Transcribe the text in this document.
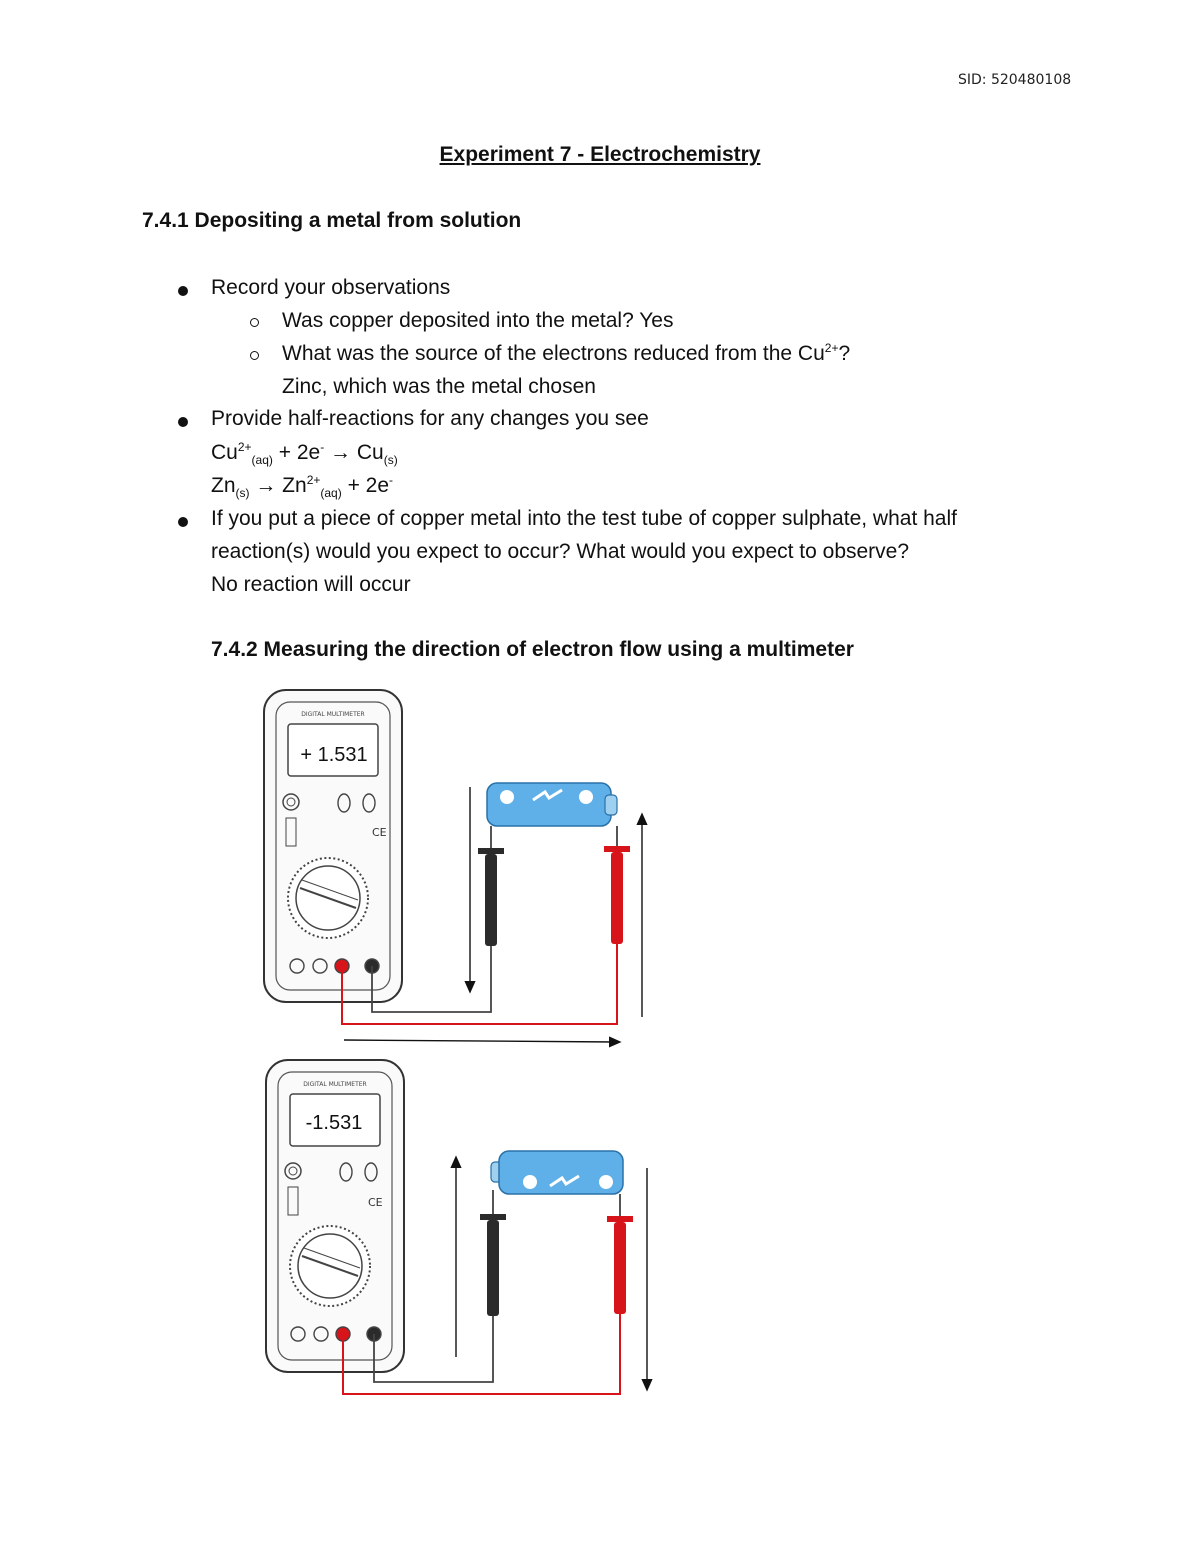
SID: 520480108
Experiment 7 - Electrochemistry
7.4.1 Depositing a metal from solution
Record your observations
Was copper deposited into the metal? Yes
What was the source of the electrons reduced from the $Cu^{2+}$?
Zinc, which was the metal chosen
Provide half-reactions for any changes you see
$Cu^{2+}_{(aq)} + 2e^- \to Cu_{(s)}$
$Zn_{(s)} \to Zn^{2+}_{(aq)} + 2e^-$
If you put a piece of copper metal into the test tube of copper sulphate, what half
reaction(s) would you expect to occur? What would you expect to observe?
No reaction will occur
7.4.2 Measuring the direction of electron flow using a multimeter
DIGITAL MULTIMETER
+ 1.531
CE
DIGITAL MULTIMETER
-1.531
CE
